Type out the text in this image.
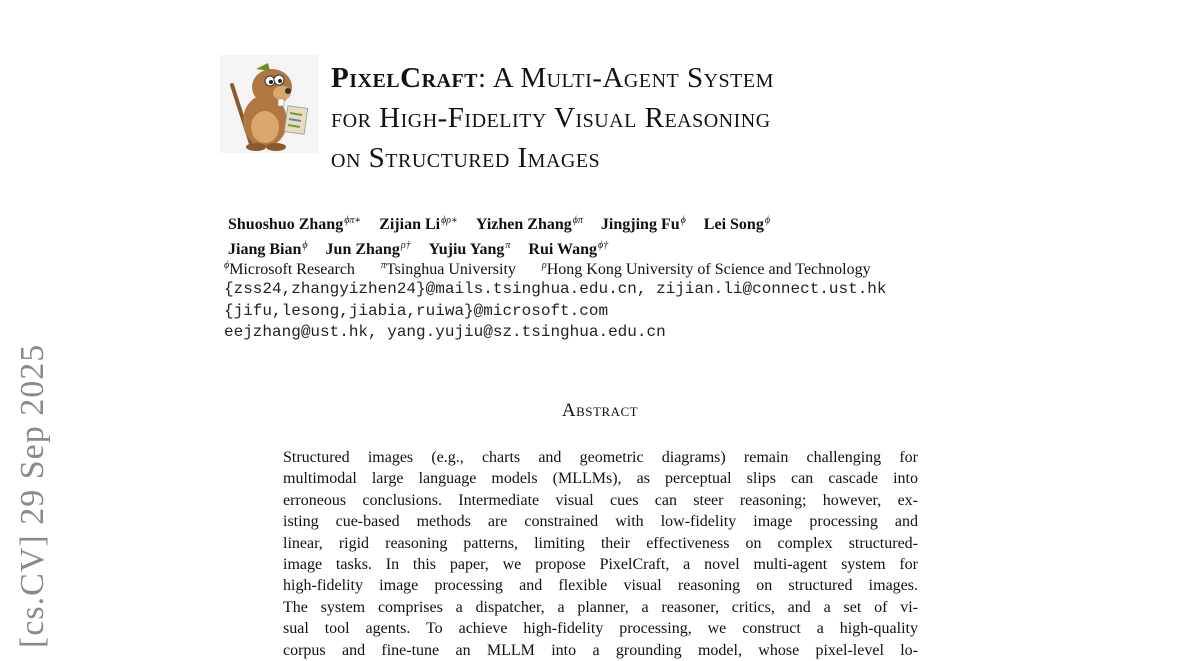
[cs.CV] 29 Sep 2025
PixelCraft: A Multi-Agent System
for High-Fidelity Visual Reasoning
on Structured Images
Shuoshuo Zhang$^{\phi\pi∗}$ Zijian $Li^{\phi\rho∗}$ Yizhen Zhang$^{\phi\pi}$ Jingjing $Fu^\phi$ Lei Song$^\phi$
Jiang Bian$^\phi$ Jun Zhang$^{\rho\dagger}$ Yujiu Yang$^\pi$ Rui Wang$^{\phi\dagger}$
$^\phi$Microsoft Research	$^\pi$Tsinghua University	$^\rho$Hong Kong University of Science and Technology
{zss24,zhangyizhen24}@mails.tsinghua.edu.cn, zijian.li@connect.ust.hk
{jifu,lesong,jiabia,ruiwa}@microsoft.com
eejzhang@ust.hk, yang.yujiu@sz.tsinghua.edu.cn
Abstract
Structured images (e.g., charts and geometric diagrams) remain challenging for
multimodal large language models (MLLMs), as perceptual slips can cascade into
erroneous conclusions. Intermediate visual cues can steer reasoning; however, ex-
isting cue-based methods are constrained with low-fidelity image processing and
linear, rigid reasoning patterns, limiting their effectiveness on complex structured-
image tasks. In this paper, we propose PixelCraft, a novel multi-agent system for
high-fidelity image processing and flexible visual reasoning on structured images.
The system comprises a dispatcher, a planner, a reasoner, critics, and a set of vi-
sual tool agents. To achieve high-fidelity processing, we construct a high-quality
corpus and fine-tune an MLLM into a grounding model, whose pixel-level lo-
